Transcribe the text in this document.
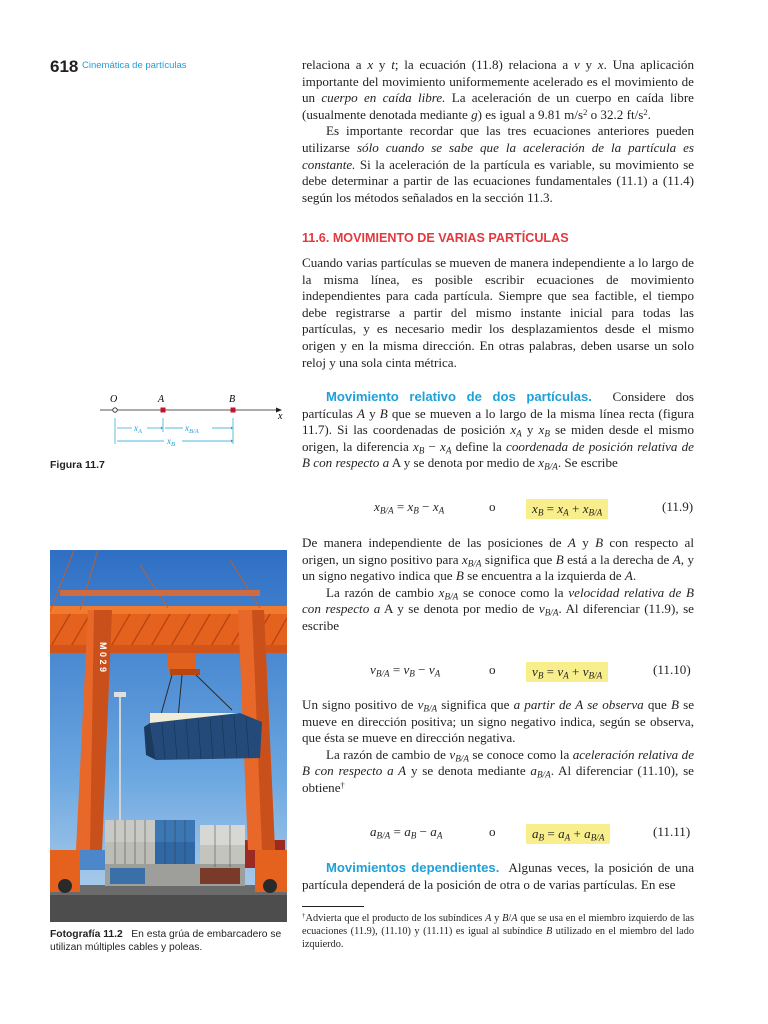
618 Cinemática de partículas	relaciona a x y t; la ecuación (11.8) relaciona a v y x. Una aplicación importante del movimiento uniformemente acelerado es el movimiento de un cuerpo en caída libre. La aceleración de un cuerpo en caída libre (usualmente denotada mediante g) es igual a 9.81 $m/s^2$ o 32.2 $ft/s^2$.

Es importante recordar que las tres ecuaciones anteriores pueden utilizarse sólo cuando se sabe que la aceleración de la partícula es constante. Si la aceleración de la partícula es variable, su movimiento se debe determinar a partir de las ecuaciones fundamentales (11.1) a (11.4) según los métodos señalados en la sección 11.3.

11.6. MOVIMIENTO DE VARIAS PARTÍCULAS

Cuando varias partículas se mueven de manera independiente a lo largo de la misma línea, es posible escribir ecuaciones de movimiento independientes para cada partícula. Siempre que sea factible, el tiempo debe registrarse a partir del mismo instante inicial para todas las partículas, y es necesario medir los desplazamientos desde el mismo origen y en la misma dirección. En otras palabras, deben usarse un solo reloj y una sola cinta métrica.

Movimiento relativo de dos partículas.  Considere dos partículas A y B que se mueven a lo largo de la misma línea recta (figura 11.7). Si las coordenadas de posición $x_A$ y $x_B$ se miden desde el mismo origen, la diferencia $x_B - x_A$ define la coordenada de posición relativa de B con respecto a A y se denota por medio de $x_{B/A}$. Se escribe

$x_{B/A} = x_B - x_A$	o	$x_B = x_A + x_{B/A}$	(11.9)

De manera independiente de las posiciones de A y B con respecto al origen, un signo positivo para $x_{B/A}$ significa que B está a la derecha de A, y un signo negativo indica que B se encuentra a la izquierda de A.

La razón de cambio $x_{B/A}$ se conoce como la velocidad relativa de B con respecto a A y se denota por medio de $v_{B/A}$. Al diferenciar (11.9), se escribe

$v_{B/A} = v_B - v_A$	o	$v_B = v_A + v_{B/A}$	(11.10)

Un signo positivo de $v_{B/A}$ significa que a partir de A se observa que B se mueve en dirección positiva; un signo negativo indica, según se observa, que ésta se mueve en dirección negativa.

La razón de cambio de $v_{B/A}$ se conoce como la aceleración relativa de B con respecto a A y se denota mediante $a_{B/A}$. Al diferenciar (11.10), se obtiene†

$a_{B/A} = a_B - a_A$	o	$a_B = a_A + a_{B/A}$	(11.11)

Movimientos dependientes. Algunas veces, la posición de una partícula dependerá de la posición de otra o de varias partículas. En ese

†Advierta que el producto de los subíndices A y B/A que se usa en el miembro izquierdo de las ecuaciones (11.9), (11.10) y (11.11) es igual al subíndice B utilizado en el miembro del lado izquierdo.
x
O	A	B
$x_A$	$x_{B/A}$
$x_B$
Figura 11.7
M 0 2 9
Fotografía 11.2 En esta grúa de embarcadero se utilizan múltiples cables y poleas.
